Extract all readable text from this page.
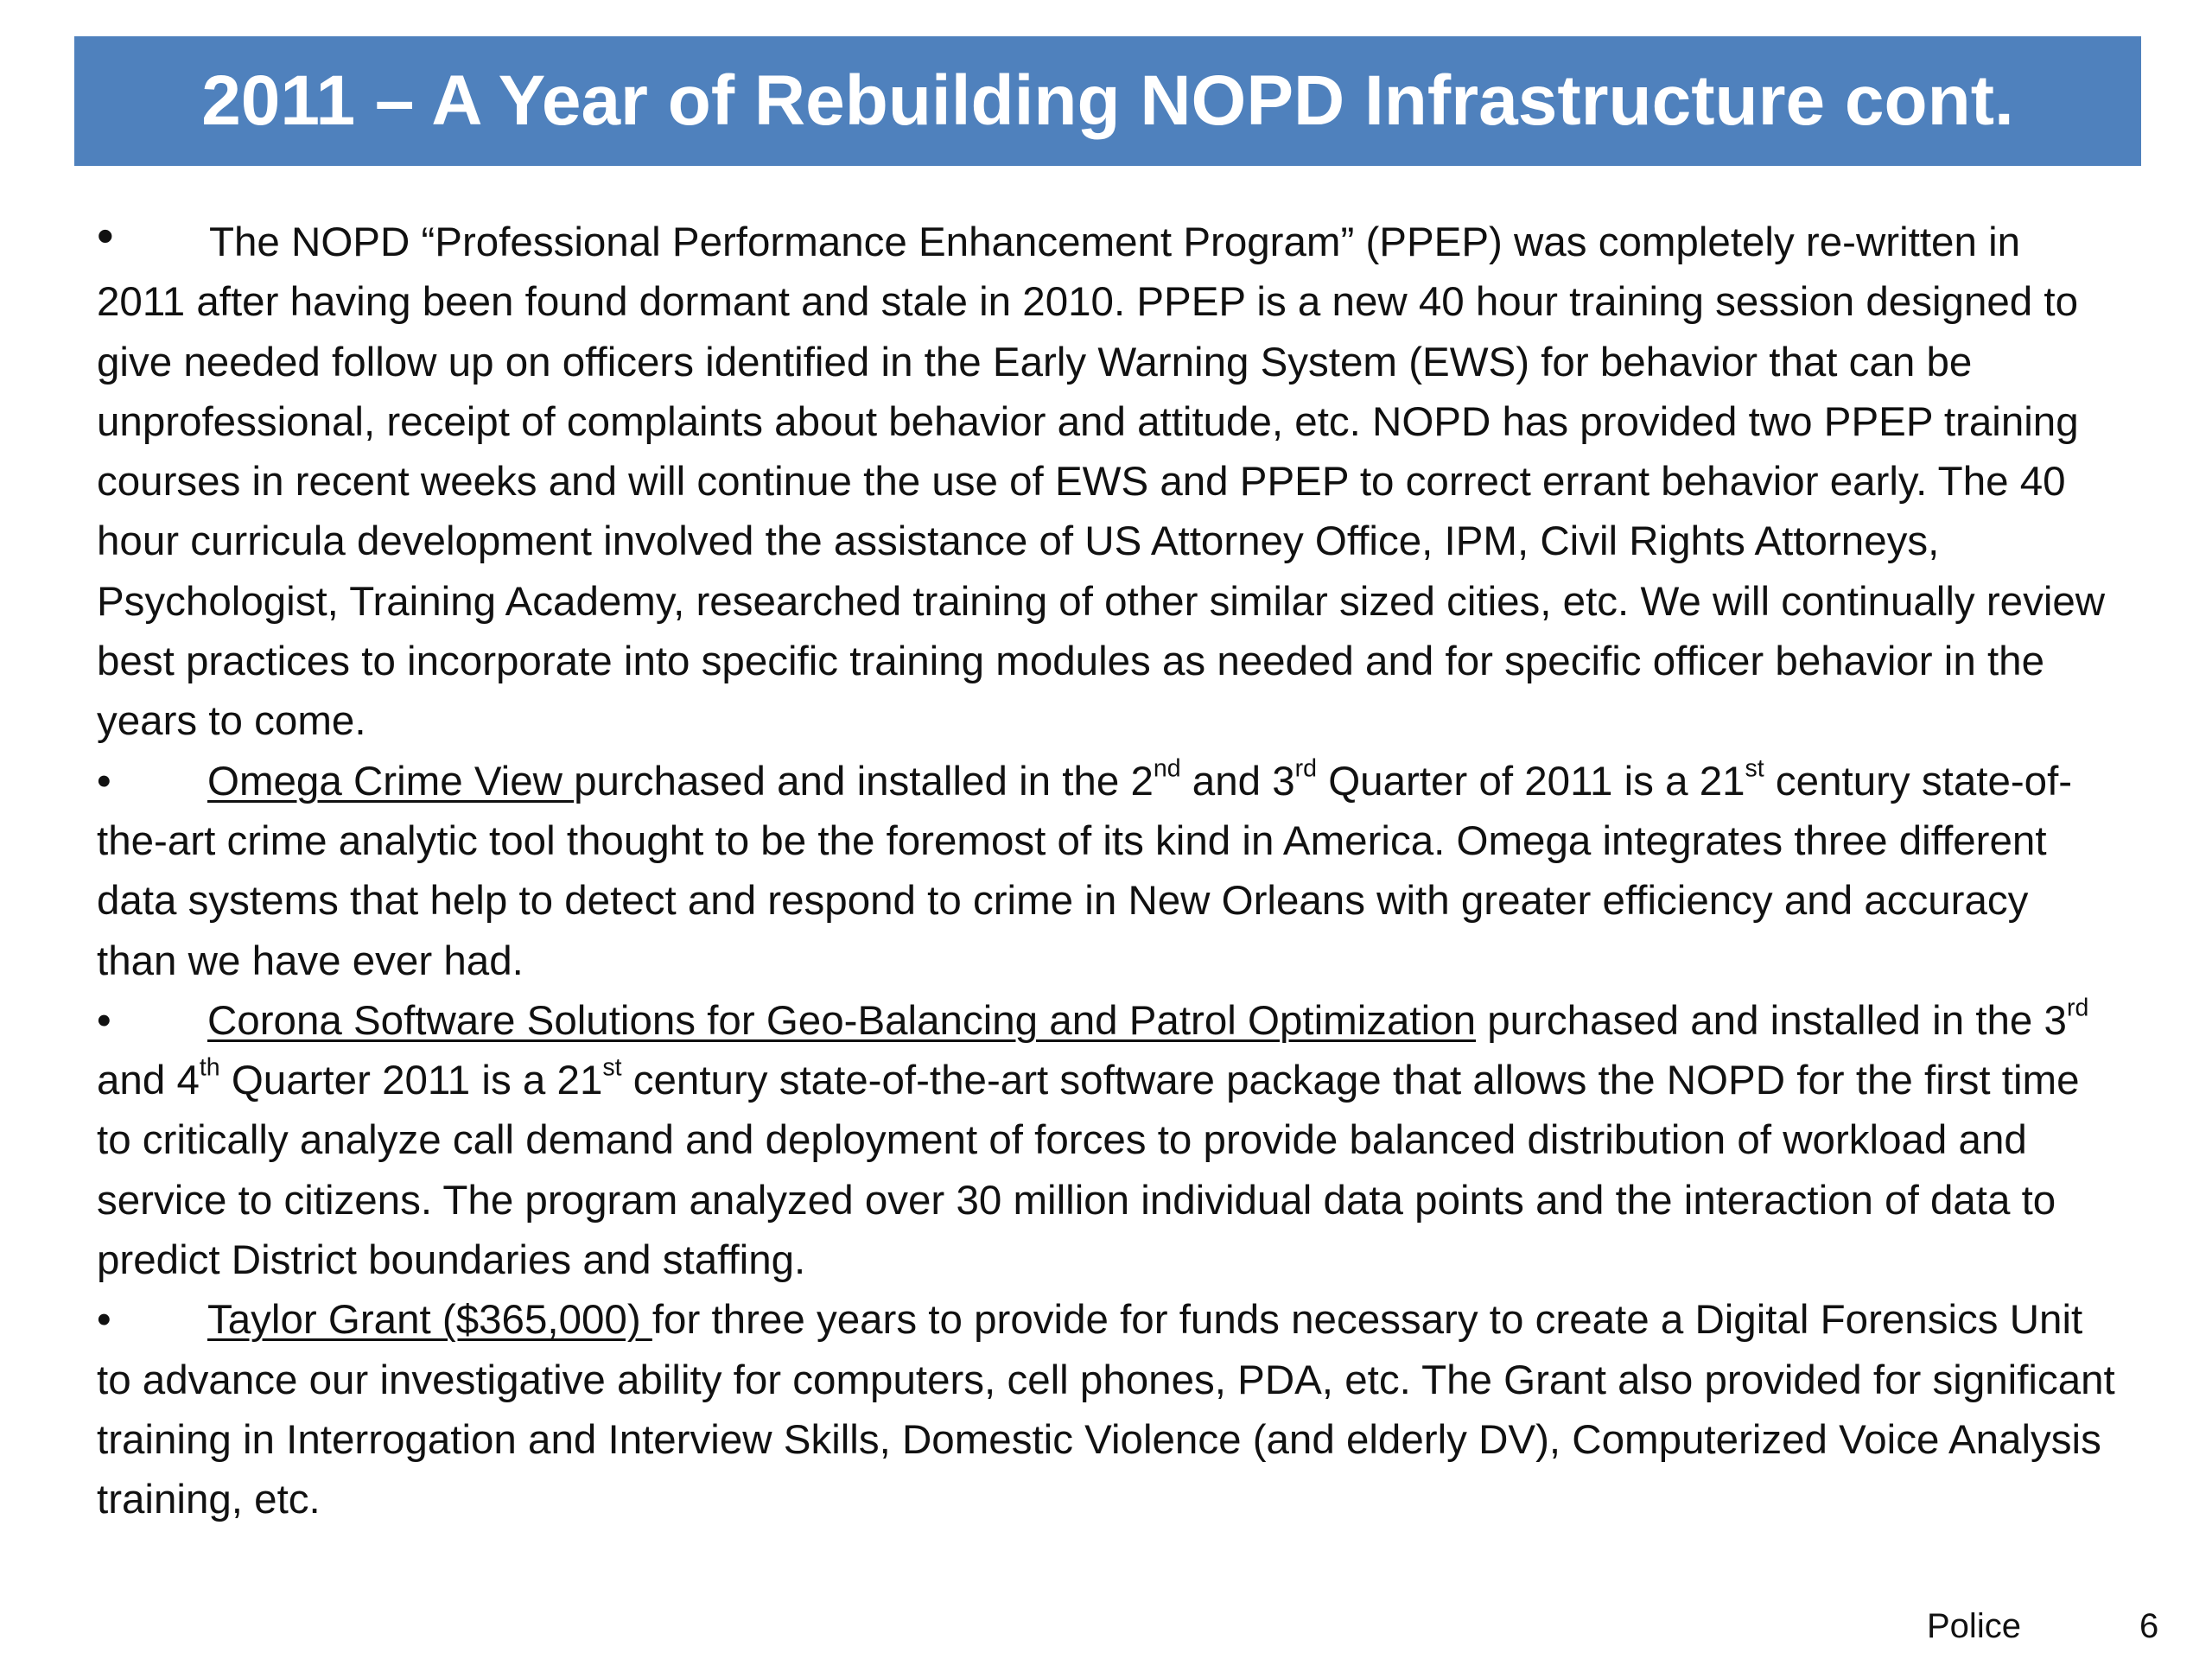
2011 – A Year of Rebuilding NOPD Infrastructure cont.

• The NOPD “Professional Performance Enhancement Program” (PPEP) was completely re-written in 2011 after having been found dormant and stale in 2010. PPEP is a new 40 hour training session designed to give needed follow up on officers identified in the Early Warning System (EWS) for behavior that can be unprofessional, receipt of complaints about behavior and attitude, etc. NOPD has provided two PPEP training courses in recent weeks and will continue the use of EWS and PPEP to correct errant behavior early. The 40 hour curricula development involved the assistance of US Attorney Office, IPM, Civil Rights Attorneys, Psychologist, Training Academy, researched training of other similar sized cities, etc. We will continually review best practices to incorporate into specific training modules as needed and for specific officer behavior in the years to come.

• Omega Crime View purchased and installed in the 2nd and 3rd Quarter of 2011 is a 21st century state-of-the-art crime analytic tool thought to be the foremost of its kind in America. Omega integrates three different data systems that help to detect and respond to crime in New Orleans with greater efficiency and accuracy than we have ever had.

• Corona Software Solutions for Geo-Balancing and Patrol Optimization purchased and installed in the 3rd and 4th Quarter 2011 is a 21st century state-of-the-art software package that allows the NOPD for the first time to critically analyze call demand and deployment of forces to provide balanced distribution of workload and service to citizens. The program analyzed over 30 million individual data points and the interaction of data to predict District boundaries and staffing.

• Taylor Grant ($365,000) for three years to provide for funds necessary to create a Digital Forensics Unit to advance our investigative ability for computers, cell phones, PDA, etc. The Grant also provided for significant training in Interrogation and Interview Skills, Domestic Violence (and elderly DV), Computerized Voice Analysis training, etc.

Police	6
